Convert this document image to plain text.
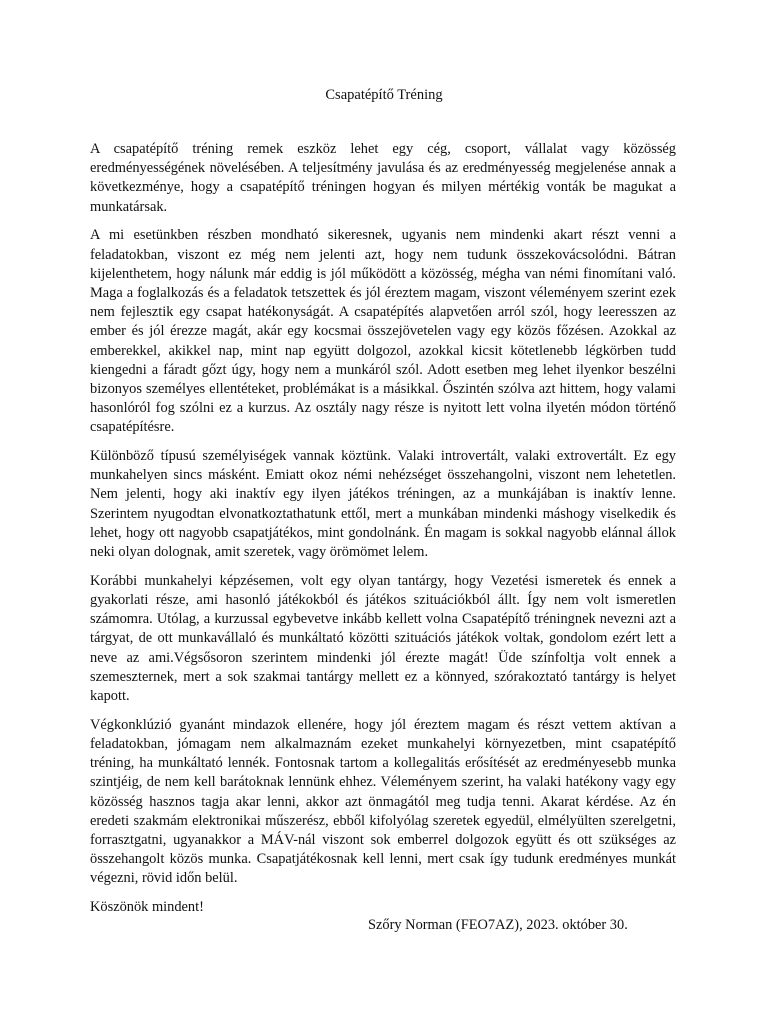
Csapatépítő Tréning

A csapatépítő tréning remek eszköz lehet egy cég, csoport, vállalat vagy közösség eredményességének növelésében. A teljesítmény javulása és az eredményesség megjelenése annak a következménye, hogy a csapatépítő tréningen hogyan és milyen mértékig vonták be magukat a munkatársak.

A mi esetünkben részben mondható sikeresnek, ugyanis nem mindenki akart részt venni a feladatokban, viszont ez még nem jelenti azt, hogy nem tudunk összekovácsolódni. Bátran kijelenthetem, hogy nálunk már eddig is jól működött a közösség, mégha van némi finomítani való. Maga a foglalkozás és a feladatok tetszettek és jól éreztem magam, viszont véleményem szerint ezek nem fejlesztik egy csapat hatékonyságát. A csapatépítés alapvetően arról szól, hogy leeresszen az ember és jól érezze magát, akár egy kocsmai összejövetelen vagy egy közös főzésen. Azokkal az emberekkel, akikkel nap, mint nap együtt dolgozol, azokkal kicsit kötetlenebb légkörben tudd kiengedni a fáradt gőzt úgy, hogy nem a munkáról szól. Adott esetben meg lehet ilyenkor beszélni bizonyos személyes ellentéteket, problémákat is a másikkal. Őszintén szólva azt hittem, hogy valami hasonlóról fog szólni ez a kurzus. Az osztály nagy része is nyitott lett volna ilyetén módon történő csapatépítésre.

Különböző típusú személyiségek vannak köztünk. Valaki introvertált, valaki extrovertált. Ez egy munkahelyen sincs másként. Emiatt okoz némi nehézséget összehangolni, viszont nem lehetetlen. Nem jelenti, hogy aki inaktív egy ilyen játékos tréningen, az a munkájában is inaktív lenne. Szerintem nyugodtan elvonatkoztathatunk ettől, mert a munkában mindenki máshogy viselkedik és lehet, hogy ott nagyobb csapatjátékos, mint gondolnánk. Én magam is sokkal nagyobb elánnal állok neki olyan dolognak, amit szeretek, vagy örömömet lelem.

Korábbi munkahelyi képzésemen, volt egy olyan tantárgy, hogy Vezetési ismeretek és ennek a gyakorlati része, ami hasonló játékokból és játékos szituációkból állt. Így nem volt ismeretlen számomra. Utólag, a kurzussal egybevetve inkább kellett volna Csapatépítő tréningnek nevezni azt a tárgyat, de ott munkavállaló és munkáltató közötti szituációs játékok voltak, gondolom ezért lett a neve az ami.Végsősoron szerintem mindenki jól érezte magát! Üde színfoltja volt ennek a szemeszternek, mert a sok szakmai tantárgy mellett ez a könnyed, szórakoztató tantárgy is helyet kapott.

Végkonklúzió gyanánt mindazok ellenére, hogy jól éreztem magam és részt vettem aktívan a feladatokban, jómagam nem alkalmaznám ezeket munkahelyi környezetben, mint csapatépítő tréning, ha munkáltató lennék. Fontosnak tartom a kollegalitás erősítését az eredményesebb munka szintjéig, de nem kell barátoknak lennünk ehhez. Véleményem szerint, ha valaki hatékony vagy egy közösség hasznos tagja akar lenni, akkor azt önmagától meg tudja tenni. Akarat kérdése. Az én eredeti szakmám elektronikai műszerész, ebből kifolyólag szeretek egyedül, elmélyülten szerelgetni, forrasztgatni, ugyanakkor a MÁV-nál viszont sok emberrel dolgozok együtt és ott szükséges az összehangolt közös munka. Csapatjátékosnak kell lenni, mert csak így tudunk eredményes munkát végezni, rövid időn belül.

Köszönök mindent!

Szőry Norman (FEO7AZ), 2023. október 30.
